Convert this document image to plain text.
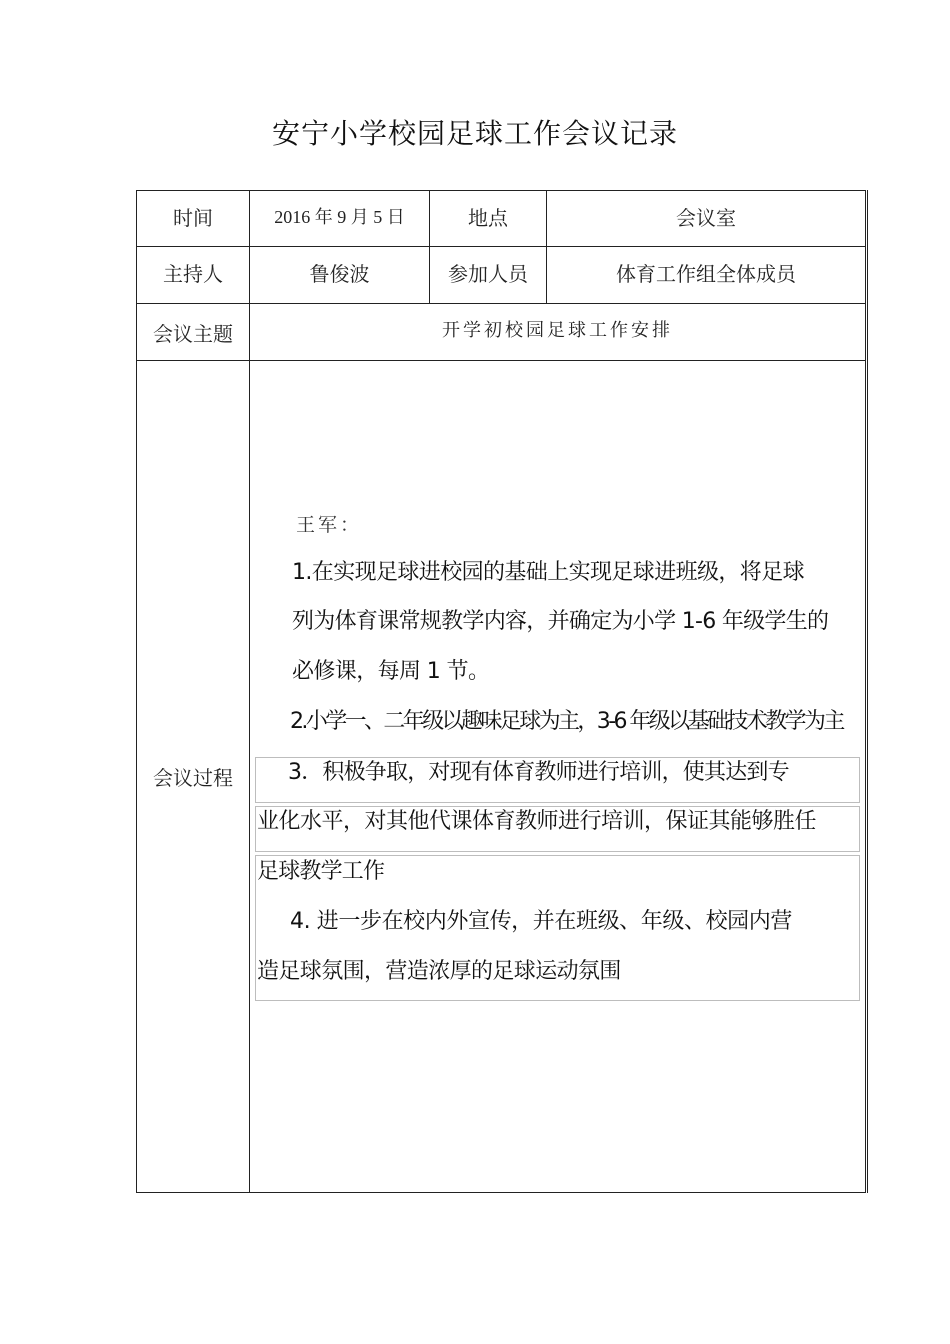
安宁小学校园足球工作会议记录
时间	2016 年 9 月 5 日	地点	会议室
主持人	鲁俊波	参加人员	体育工作组全体成员
会议主题	开学初校园足球工作安排
会议过程
王军：
1.在实现足球进校园的基础上实现足球进班级，将足球
列为体育课常规教学内容，并确定为小学 1-6 年级学生的
必修课，每周 1 节。
2.小学一、二年级以趣味足球为主，3-6 年级以基础技术教学为主
3．积极争取，对现有体育教师进行培训，使其达到专
业化水平，对其他代课体育教师进行培训，保证其能够胜任
足球教学工作
4. 进一步在校内外宣传，并在班级、年级、校园内营
造足球氛围，营造浓厚的足球运动氛围
